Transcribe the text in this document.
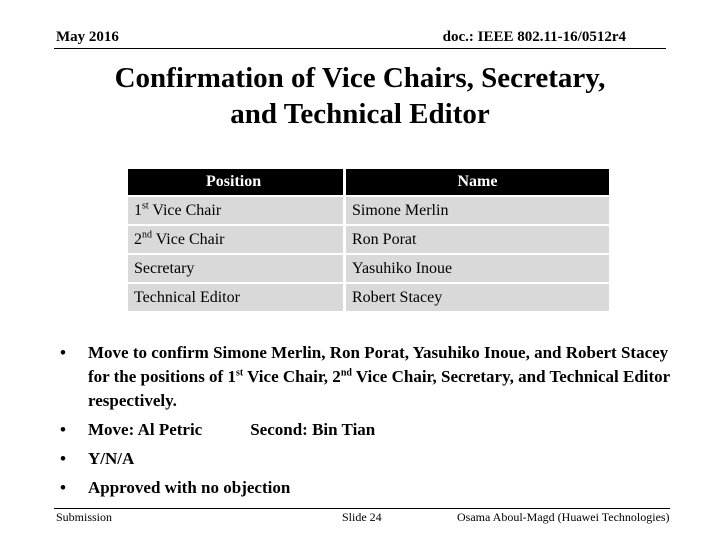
May 2016	doc.: IEEE 802.11-16/0512r4
Confirmation of Vice Chairs, Secretary,
and Technical Editor
Position	Name
1st Vice Chair	Simone Merlin
2nd Vice Chair	Ron Porat
Secretary	Yasuhiko Inoue
Technical Editor	Robert Stacey
• Move to confirm Simone Merlin, Ron Porat, Yasuhiko Inoue, and Robert Stacey for the positions of 1st Vice Chair, 2nd Vice Chair, Secretary, and Technical Editor respectively.
• Move: Al Petric	Second: Bin Tian
• Y/N/A
• Approved with no objection
Submission	Slide 24	Osama Aboul-Magd (Huawei Technologies)
